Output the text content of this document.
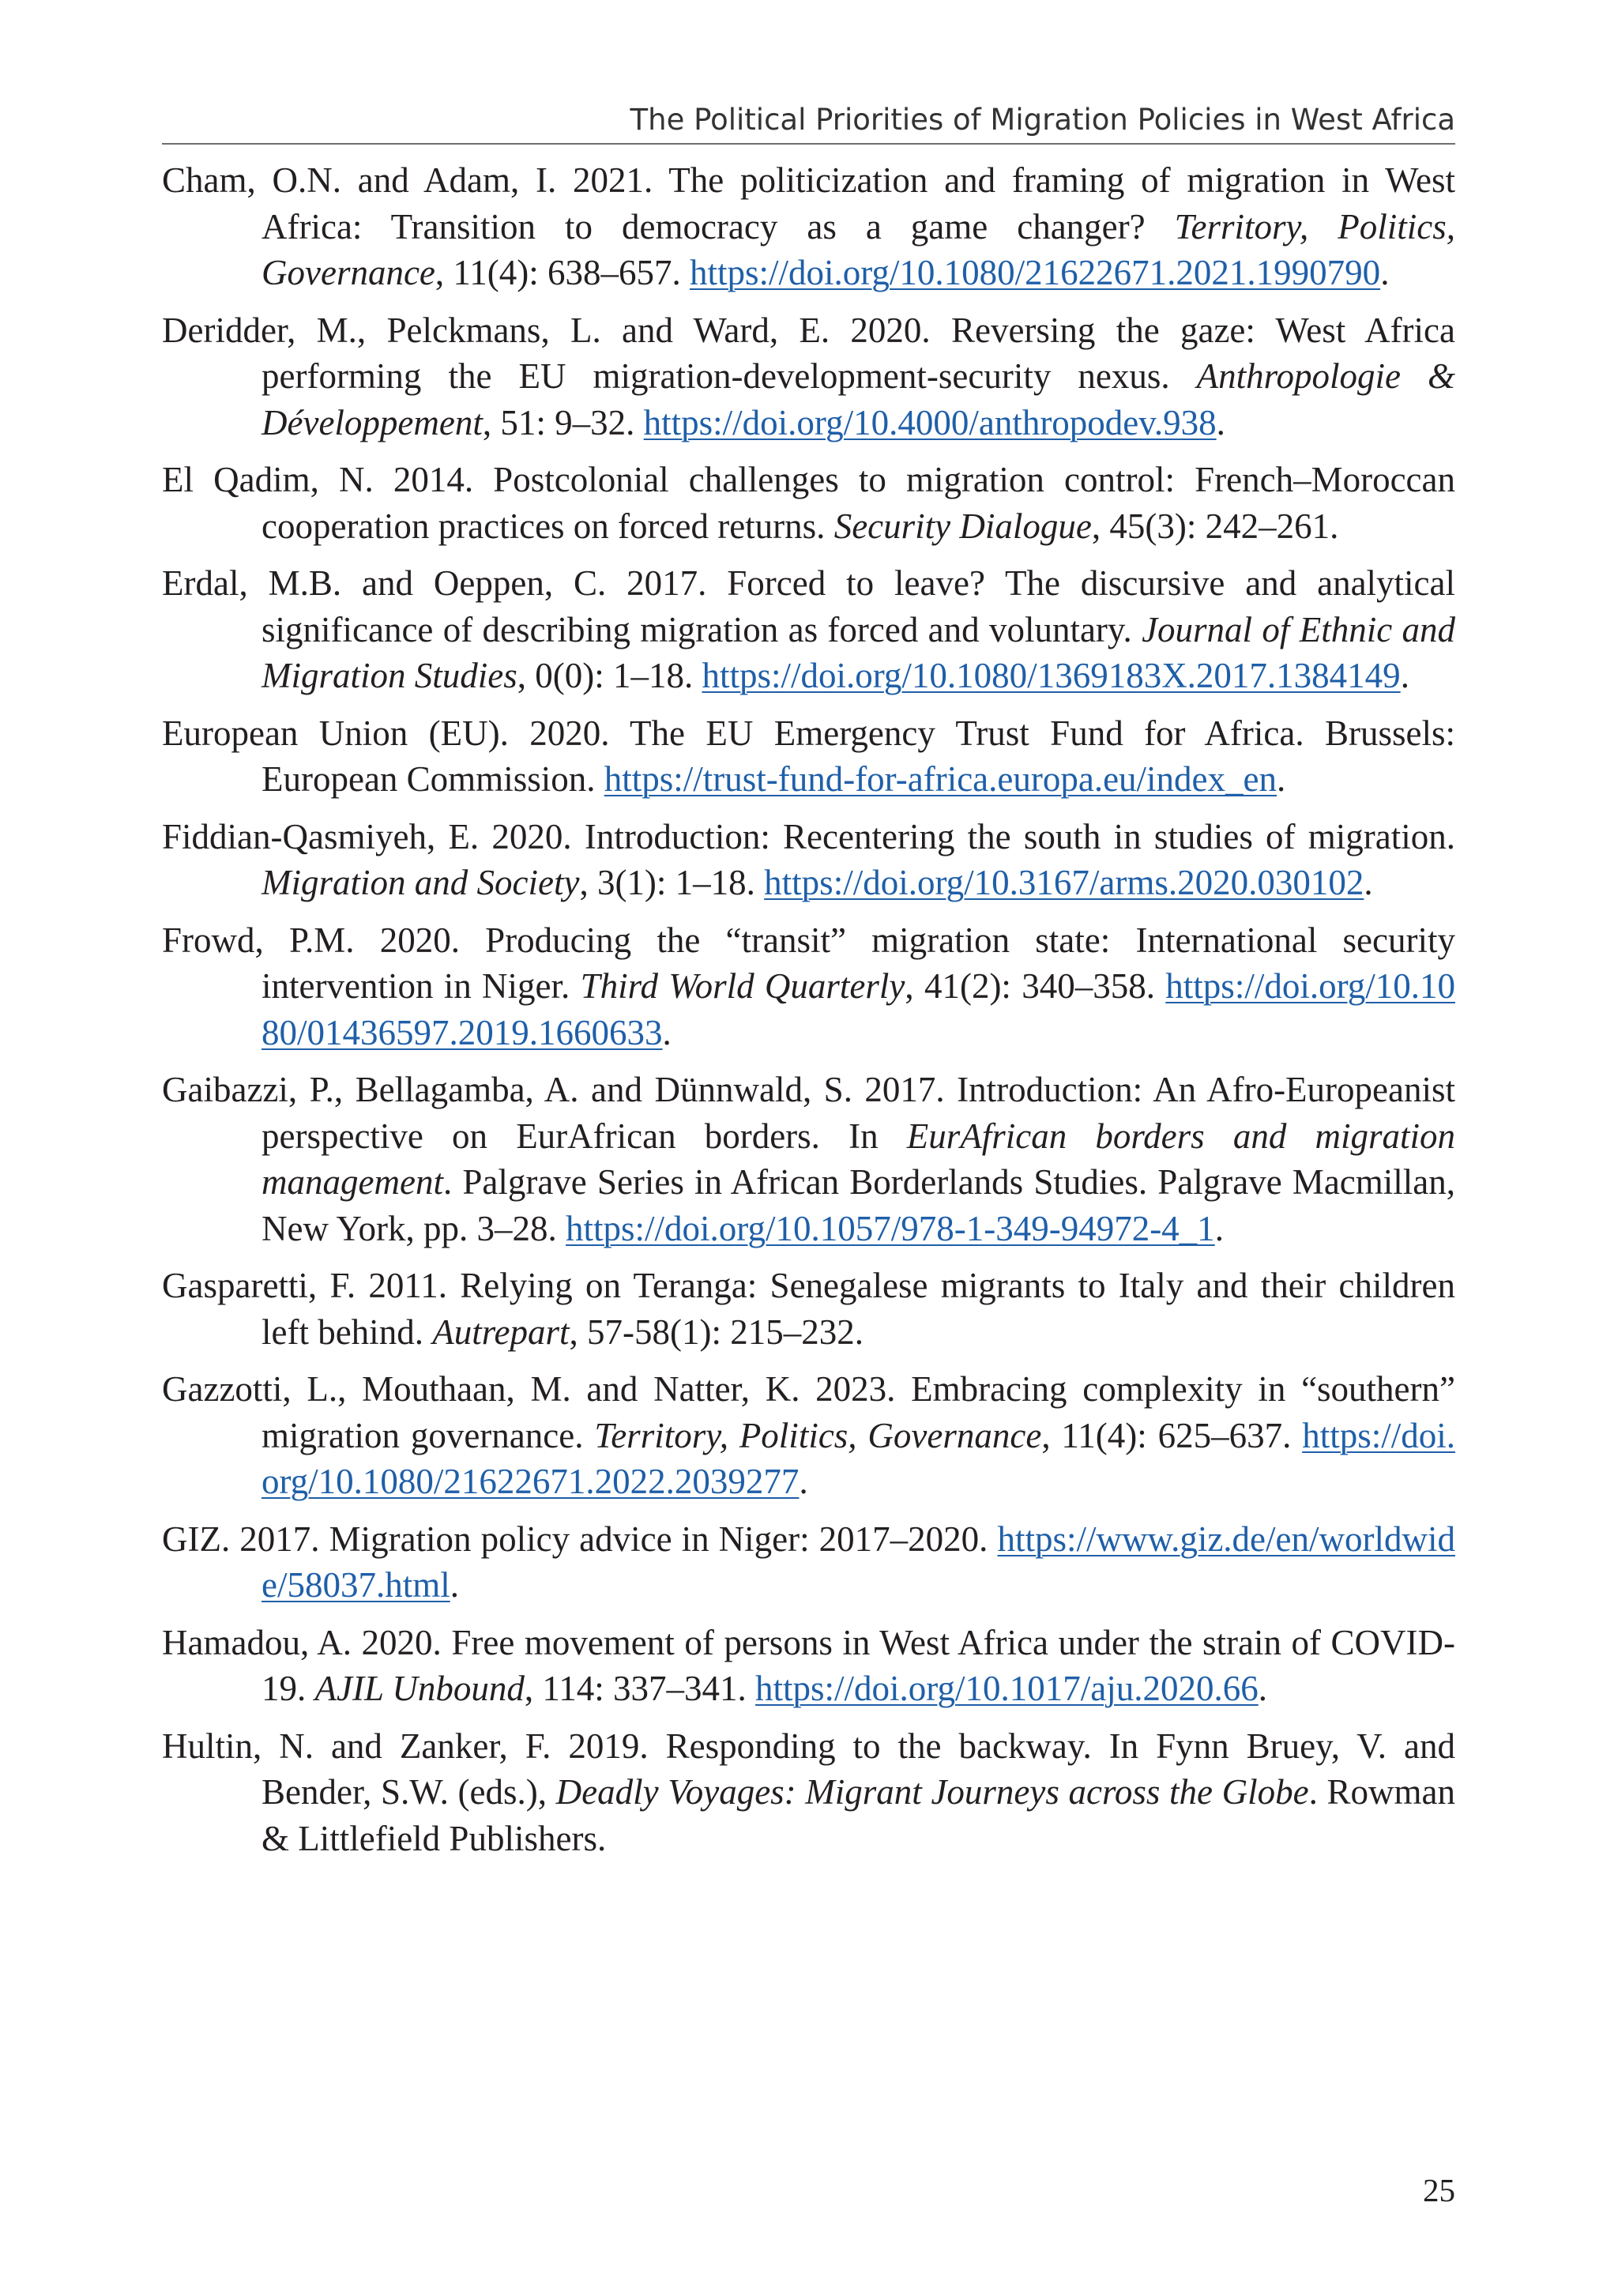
The Political Priorities of Migration Policies in West Africa
Cham, O.N. and Adam, I. 2021. The politicization and framing of migration in West Africa: Transition to democracy as a game changer? Territory, Politics, Governance, 11(4): 638–657. https://doi.org/10.1080/21622671.2021.1990790.
Deridder, M., Pelckmans, L. and Ward, E. 2020. Reversing the gaze: West Africa performing the EU migration-development-security nexus. Anthropologie & Développement, 51: 9–32. https://doi.org/10.4000/anthropodev.938.
El Qadim, N. 2014. Postcolonial challenges to migration control: French–Moroccan cooperation practices on forced returns. Security Dialogue, 45(3): 242–261.
Erdal, M.B. and Oeppen, C. 2017. Forced to leave? The discursive and analytical significance of describing migration as forced and voluntary. Journal of Ethnic and Migration Studies, 0(0): 1–18. https://doi.org/10.1080/1369183X.2017.1384149.
European Union (EU). 2020. The EU Emergency Trust Fund for Africa. Brussels: European Commission. https://trust-fund-for-africa.europa.eu/index_en.
Fiddian-Qasmiyeh, E. 2020. Introduction: Recentering the south in studies of migration. Migration and Society, 3(1): 1–18. https://doi.org/10.3167/arms.2020.030102.
Frowd, P.M. 2020. Producing the “transit” migration state: International security intervention in Niger. Third World Quarterly, 41(2): 340–358. https://doi.org/10.1080/01436597.2019.1660633.
Gaibazzi, P., Bellagamba, A. and Dünnwald, S. 2017. Introduction: An Afro-Europeanist perspective on EurAfrican borders. In EurAfrican borders and migration management. Palgrave Series in African Borderlands Studies. Palgrave Macmillan, New York, pp. 3–28. https://doi.org/10.1057/978-1-349-94972-4_1.
Gasparetti, F. 2011. Relying on Teranga: Senegalese migrants to Italy and their children left behind. Autrepart, 57-58(1): 215–232.
Gazzotti, L., Mouthaan, M. and Natter, K. 2023. Embracing complexity in “southern” migration governance. Territory, Politics, Governance, 11(4): 625–637. https://doi.org/10.1080/21622671.2022.2039277.
GIZ. 2017. Migration policy advice in Niger: 2017–2020. https://www.giz.de/en/worldwide/58037.html.
Hamadou, A. 2020. Free movement of persons in West Africa under the strain of COVID-19. AJIL Unbound, 114: 337–341. https://doi.org/10.1017/aju.2020.66.
Hultin, N. and Zanker, F. 2019. Responding to the backway. In Fynn Bruey, V. and Bender, S.W. (eds.), Deadly Voyages: Migrant Journeys across the Globe. Rowman & Littlefield Publishers.
25
